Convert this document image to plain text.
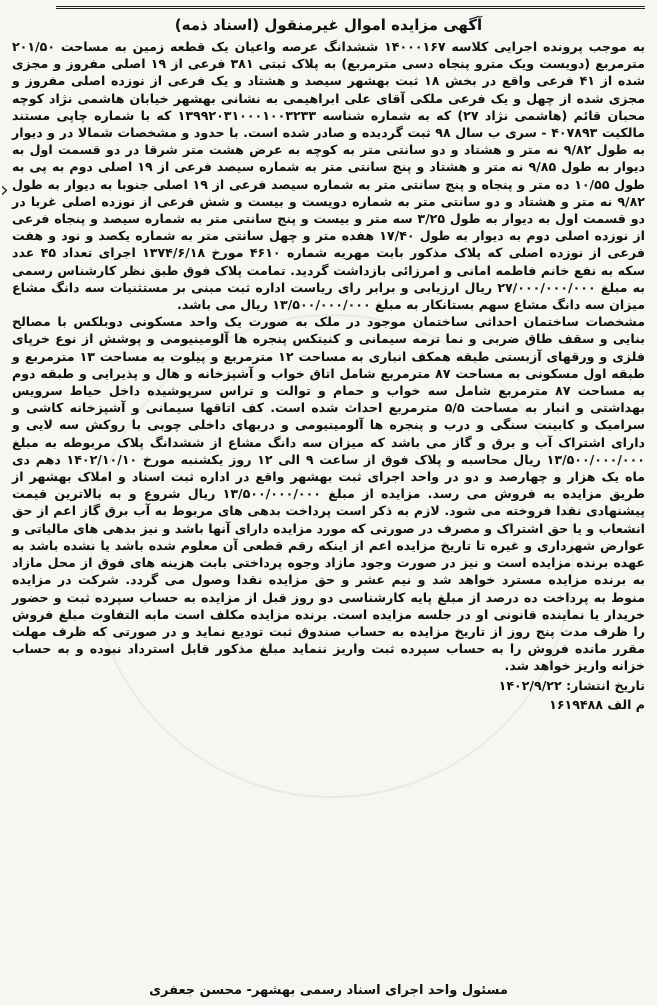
›
آگهی مزایده اموال غیرمنقول (اسناد ذمه)

به موجب پرونده اجرایی کلاسه ۱۴۰۰۰۱۶۷ ششدانگ عرصه واعیان یک قطعه زمین به مساحت ۲۰۱/۵۰ مترمربع (دویست ویک مترو پنجاه دسی مترمربع) به پلاک ثبتی ۳۸۱ فرعی از ۱۹ اصلی مفروز و مجزی شده از ۴۱ فرعی واقع در بخش ۱۸ ثبت بهشهر سیصد و هشتاد و یک فرعی از نوزده اصلی مفروز و مجزی شده از چهل و یک فرعی ملکی آقای علی ابراهیمی به نشانی بهشهر خیابان هاشمی نژاد کوچه محبان قائم (هاشمی نژاد ۲۷) که به شماره شناسه ۱۳۹۹۲۰۳۱۰۰۰۱۰۰۳۲۳۳ که با شماره چاپی مستند مالکیت ۴۰۷۸۹۳ - سری ب سال ۹۸ ثبت گردیده و صادر شده است. با حدود و مشخصات شمالا در و دیوار به طول ۹/۸۲ نه متر و هشتاد و دو سانتی متر به کوچه به عرض هشت متر شرقا در دو قسمت اول به دیوار به طول ۹/۸۵ نه متر و هشتاد و پنج سانتی متر به شماره سیصد فرعی از ۱۹ اصلی دوم به پی به طول ۱۰/۵۵ ده متر و پنجاه و پنج سانتی متر به شماره سیصد فرعی از ۱۹ اصلی جنوبا به دیوار به طول ۹/۸۲ نه متر و هشتاد و دو سانتی متر به شماره دویست و بیست و شش فرعی از نوزده اصلی غربا در دو قسمت اول به دیوار به طول ۳/۲۵ سه متر و بیست و پنج سانتی متر به شماره سیصد و پنجاه فرعی از نوزده اصلی دوم به دیوار به طول ۱۷/۴۰ هفده متر و چهل سانتی متر به شماره یکصد و نود و هفت فرعی از نوزده اصلی که پلاک مذکور بابت مهریه شماره ۴۶۱۰ مورخ ۱۳۷۴/۶/۱۸ اجرای تعداد ۴۵ عدد سکه به نفع خانم فاطمه امانی و امرزائی بازداشت گردید. تمامت پلاک فوق طبق نظر کارشناس رسمی به مبلغ ۲۷/۰۰۰/۰۰۰/۰۰۰ ریال ارزیابی و برابر رای ریاست اداره ثبت مبنی بر مستثنیات سه دانگ مشاع میزان سه دانگ مشاع سهم بستانکار به مبلغ ۱۳/۵۰۰/۰۰۰/۰۰۰ ریال می باشد.

مشخصات ساختمان احداثی ساختمان موجود در ملک به صورت یک واحد مسکونی دوبلکس با مصالح بنایی و سقف طاق ضربی و نما ترمه سیمانی و کنیتکس پنجره ها آلومینیومی و پوشش از نوع خرپای فلزی و ورقهای آزبستی طبقه همکف انباری به مساحت ۱۲ مترمربع و پیلوت به مساحت ۱۳ مترمربع و طبقه اول مسکونی به مساحت ۸۷ مترمربع شامل اتاق خواب و آشپزخانه و هال و پذیرایی و طبقه دوم به مساحت ۸۷ مترمربع شامل سه خواب و حمام و توالت و تراس سرپوشیده داخل حیاط سرویس بهداشتی و انبار به مساحت ۵/۵ مترمربع احداث شده است. کف اتاقها سیمانی و آشپزخانه کاشی و سرامیک و کابینت سنگی و درب و پنجره ها آلومینیومی و دربهای داخلی چوبی با روکش سه لایی و دارای اشتراک آب و برق و گاز می باشد که میزان سه دانگ مشاع از ششدانگ پلاک مربوطه به مبلغ ۱۳/۵۰۰/۰۰۰/۰۰۰ ریال محاسبه و پلاک فوق از ساعت ۹ الی ۱۲ روز یکشنبه مورخ ۱۴۰۲/۱۰/۱۰ دهم دی ماه یک هزار و چهارصد و دو در واحد اجرای ثبت بهشهر واقع در اداره ثبت اسناد و املاک بهشهر از طریق مزایده به فروش می رسد. مزایده از مبلغ ۱۳/۵۰۰/۰۰۰/۰۰۰ ریال شروع و به بالاترین قیمت پیشنهادی نقدا فروخته می شود. لازم به ذکر است پرداخت بدهی های مربوط به آب برق گاز اعم از حق انشعاب و یا حق اشتراک و مصرف در صورتی که مورد مزایده دارای آنها باشد و نیز بدهی های مالیاتی و عوارض شهرداری و غیره تا تاریخ مزایده اعم از اینکه رقم قطعی آن معلوم شده باشد یا نشده باشد به عهده برنده مزایده است و نیز در صورت وجود مازاد وجوه پرداختی بابت هزینه های فوق از محل مازاد به برنده مزایده مسترد خواهد شد و نیم عشر و حق مزایده نقدا وصول می گردد. شرکت در مزایده منوط به پرداخت ده درصد از مبلغ پایه کارشناسی دو روز قبل از مزایده به حساب سپرده ثبت و حضور خریدار یا نماینده قانونی او در جلسه مزایده است. برنده مزایده مکلف است مابه التفاوت مبلغ فروش را ظرف مدت پنج روز از تاریخ مزایده به حساب صندوق ثبت تودیع نماید و در صورتی که ظرف مهلت مقرر مانده فروش را به حساب سپرده ثبت واریز ننماید مبلغ مذکور قابل استرداد نبوده و به حساب خزانه واریز خواهد شد.

تاریخ انتشار: ۱۴۰۲/۹/۲۲

م الف ۱۶۱۹۴۸۸

مسئول واحد اجرای اسناد رسمی بهشهر- محسن جعفری
